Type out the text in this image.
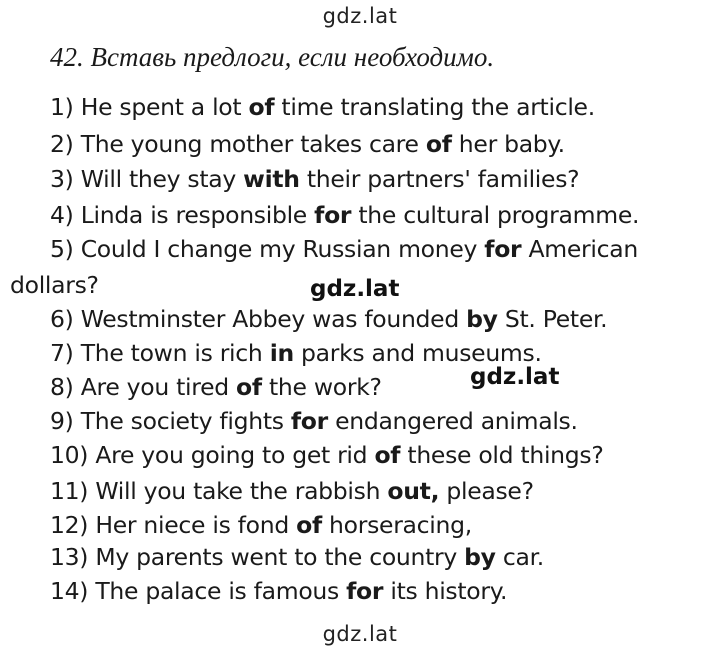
gdz.lat
42. Вставь предлоги, если необходимо.
1) He spent a lot of time translating the article.
2) The young mother takes care of her baby.
3) Will they stay with their partners' families?
4) Linda is responsible for the cultural programme.
5) Could I change my Russian money for American
dollars?
6) Westminster Abbey was founded by St. Peter.
7) The town is rich in parks and museums.
8) Are you tired of the work?
9) The society fights for endangered animals.
10) Are you going to get rid of these old things?
11) Will you take the rabbish out, please?
12) Her niece is fond of horseracing,
13) My parents went to the country by car.
14) The palace is famous for its history.
gdz.lat
gdz.lat
gdz.lat
